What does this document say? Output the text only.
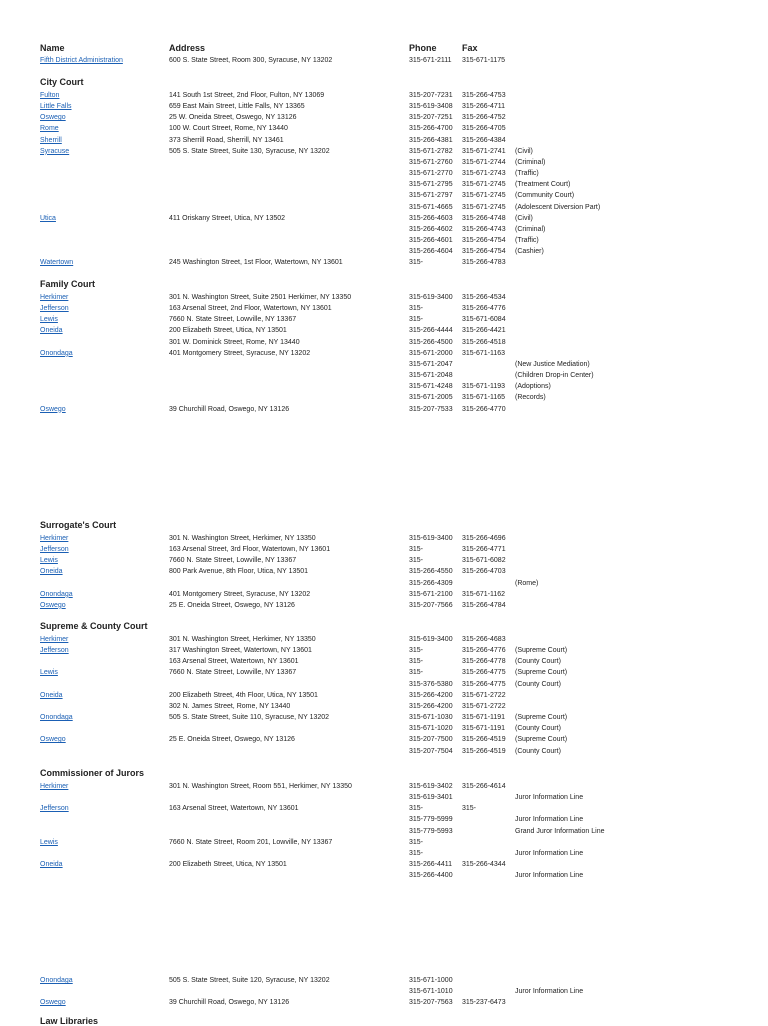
Name	Address	Phone	Fax
Fifth District Administration	600 S. State Street, Room 300, Syracuse, NY 13202	315-671-2111 315-671-1175
City Court
Fulton	141 South 1st Street, 2nd Floor, Fulton, NY 13069	315-207-7231 315-266-4753
Little Falls	659 East Main Street, Little Falls, NY 13365	315-619-3408 315-266-4711
Oswego	25 W. Oneida Street, Oswego, NY 13126	315-207-7251 315-266-4752
Rome	100 W. Court Street, Rome, NY 13440	315-266-4700 315-266-4705
Sherrill	373 Sherrill Road, Sherrill, NY 13461	315-266-4381 315-266-4384
Syracuse	505 S. State Street, Suite 130, Syracuse, NY 13202	315-671-2782 315-671-2741 (Civil)
315-671-2760 315-671-2744 (Criminal)
315-671-2770 315-671-2743 (Traffic)
315-671-2795 315-671-2745 (Treatment Court)
315-671-2797 315-671-2745 (Community Court)
315-671-4665 315-671-2745 (Adolescent Diversion Part)
Utica	411 Oriskany Street, Utica, NY 13502	315-266-4603 315-266-4748 (Civil)
315-266-4602 315-266-4743 (Criminal)
315-266-4601 315-266-4754 (Traffic)
315-266-4604 315-266-4754 (Cashier)
Watertown	245 Washington Street, 1st Floor, Watertown, NY 13601	315-	315-266-4783
Family Court
Herkimer	301 N. Washington Street, Suite 2501 Herkimer, NY 13350	315-619-3400 315-266-4534
Jefferson	163 Arsenal Street, 2nd Floor, Watertown, NY 13601	315-	315-266-4776
Lewis	7660 N. State Street, Lowville, NY 13367	315-	315-671-6084
Oneida	200 Elizabeth Street, Utica, NY 13501	315-266-4444 315-266-4421
301 W. Dominick Street, Rome, NY 13440	315-266-4500 315-266-4518
Onondaga	401 Montgomery Street, Syracuse, NY 13202	315-671-2000 315-671-1163
315-671-2047	(New Justice Mediation)
315-671-2048	(Children Drop-in Center)
315-671-4248 315-671-1193 (Adoptions)
315-671-2005 315-671-1165 (Records)
Oswego	39 Churchill Road, Oswego, NY 13126	315-207-7533 315-266-4770
Surrogate's Court
Herkimer	301 N. Washington Street, Herkimer, NY 13350	315-619-3400 315-266-4696
Jefferson	163 Arsenal Street, 3rd Floor, Watertown, NY 13601	315-	315-266-4771
Lewis	7660 N. State Street, Lowville, NY 13367	315-	315-671-6082
Oneida	800 Park Avenue, 8th Floor, Utica, NY 13501	315-266-4550 315-266-4703
315-266-4309	(Rome)
Onondaga	401 Montgomery Street, Syracuse, NY 13202	315-671-2100 315-671-1162
Oswego	25 E. Oneida Street, Oswego, NY 13126	315-207-7566 315-266-4784
Supreme & County Court
Herkimer	301 N. Washington Street, Herkimer, NY 13350	315-619-3400 315-266-4683
Jefferson	317 Washington Street, Watertown, NY 13601	315-	315-266-4776 (Supreme Court)
163 Arsenal Street, Watertown, NY 13601	315-	315-266-4778 (County Court)
Lewis	7660 N. State Street, Lowville, NY 13367	315-	315-266-4775 (Supreme Court)
315-376-5380 315-266-4775 (County Court)
Oneida	200 Elizabeth Street, 4th Floor, Utica, NY 13501	315-266-4200 315-671-2722
302 N. James Street, Rome, NY 13440	315-266-4200 315-671-2722
Onondaga	505 S. State Street, Suite 110, Syracuse, NY 13202	315-671-1030 315-671-1191 (Supreme Court)
315-671-1020 315-671-1191 (County Court)
Oswego	25 E. Oneida Street, Oswego, NY 13126	315-207-7500 315-266-4519 (Supreme Court)
315-207-7504 315-266-4519 (County Court)
Commissioner of Jurors
Herkimer	301 N. Washington Street, Room 551, Herkimer, NY 13350	315-619-3402 315-266-4614
315-619-3401	Juror Information Line
Jefferson	163 Arsenal Street, Watertown, NY 13601	315-	315-
315-779-5999	Juror Information Line
315-779-5993	Grand Juror Information Line
Lewis	7660 N. State Street, Room 201, Lowville, NY 13367	315-
315-	Juror Information Line
Oneida	200 Elizabeth Street, Utica, NY 13501	315-266-4411 315-266-4344
315-266-4400	Juror Information Line
Onondaga	505 S. State Street, Suite 120, Syracuse, NY 13202	315-671-1000
315-671-1010	Juror Information Line
Oswego	39 Churchill Road, Oswego, NY 13126	315-207-7563 315-237-6473
Law Libraries
